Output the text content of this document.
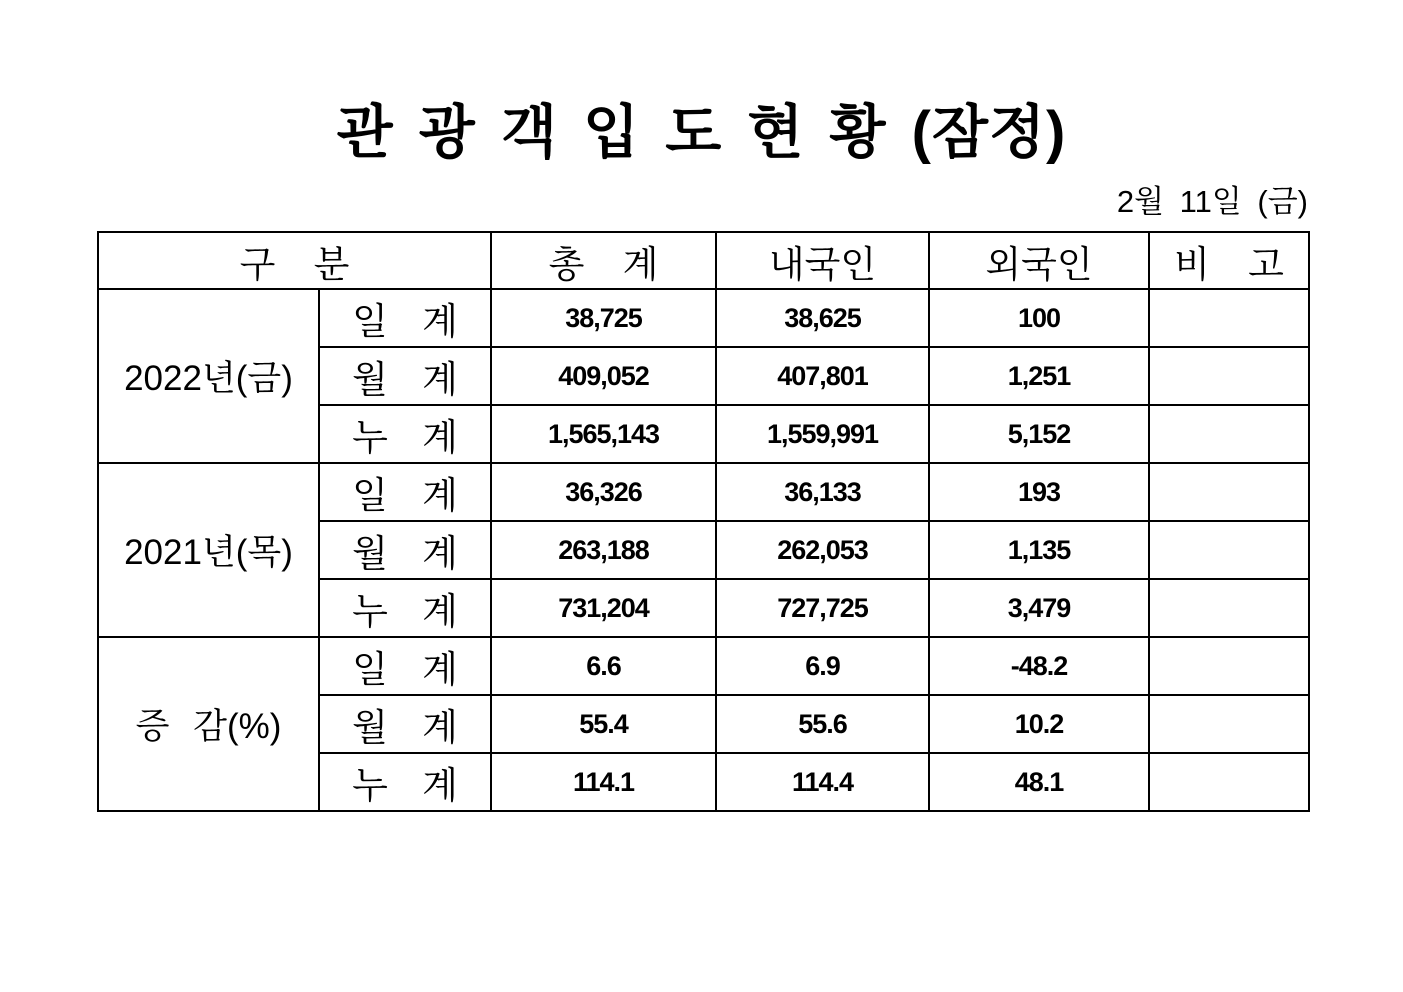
관 광 객 입 도 현 황 (잠정)
2월 11일 (금)
구 분		총 계	내국인	외국인	비 고
2022년(금)	일 계	38,725	38,625	100	
	월 계	409,052	407,801	1,251	
	누 계	1,565,143	1,559,991	5,152	
2021년(목)	일 계	36,326	36,133	193	
	월 계	263,188	262,053	1,135	
	누 계	731,204	727,725	3,479	
증 감(%)	일 계	6.6	6.9	-48.2	
	월 계	55.4	55.6	10.2	
	누 계	114.1	114.4	48.1	
